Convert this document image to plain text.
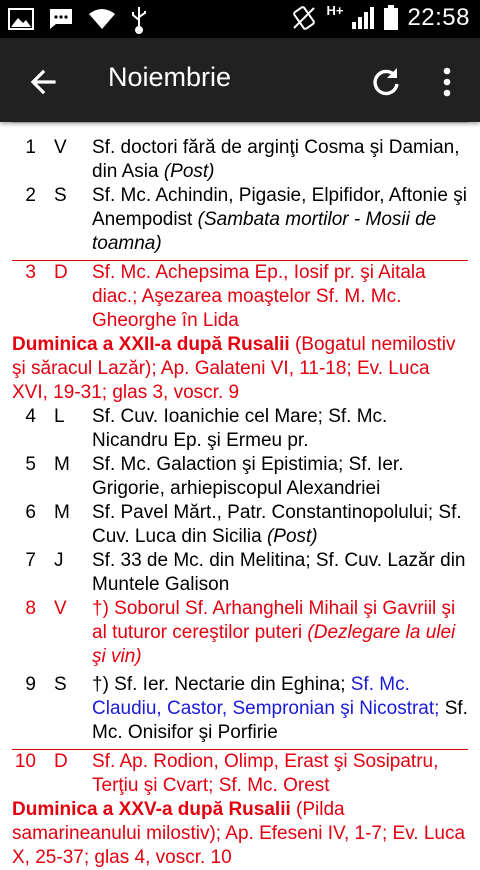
H+	22:58
Noiembrie
1 V Sf. doctori fără de arginţi Cosma şi Damian, din Asia (Post)
2 S Sf. Mc. Achindin, Pigasie, Elpifidor, Aftonie şi Anempodist (Sambata mortilor - Mosii de toamna)
3 D Sf. Mc. Achepsima Ep., Iosif pr. şi Aitala diac.; Aşezarea moaştelor Sf. M. Mc. Gheorghe în Lida
Duminica a XXII-a după Rusalii (Bogatul nemilostiv şi săracul Lazăr); Ap. Galateni VI, 11-18; Ev. Luca XVI, 19-31; glas 3, voscr. 9
4 L Sf. Cuv. Ioanichie cel Mare; Sf. Mc. Nicandru Ep. şi Ermeu pr.
5 M Sf. Mc. Galaction şi Epistimia; Sf. Ier. Grigorie, arhiepiscopul Alexandriei
6 M Sf. Pavel Mărt., Patr. Constantinopolului; Sf. Cuv. Luca din Sicilia (Post)
7 J Sf. 33 de Mc. din Melitina; Sf. Cuv. Lazăr din Muntele Galison
8 V †) Soborul Sf. Arhangheli Mihail şi Gavriil şi al tuturor cereştilor puteri (Dezlegare la ulei şi vin)
9 S †) Sf. Ier. Nectarie din Eghina; Sf. Mc. Claudiu, Castor, Sempronian şi Nicostrat; Sf. Mc. Onisifor şi Porfirie
10 D Sf. Ap. Rodion, Olimp, Erast şi Sosipatru, Terţiu şi Cvart; Sf. Mc. Orest
Duminica a XXV-a după Rusalii (Pilda samarineanului milostiv); Ap. Efeseni IV, 1-7; Ev. Luca X, 25-37; glas 4, voscr. 10
